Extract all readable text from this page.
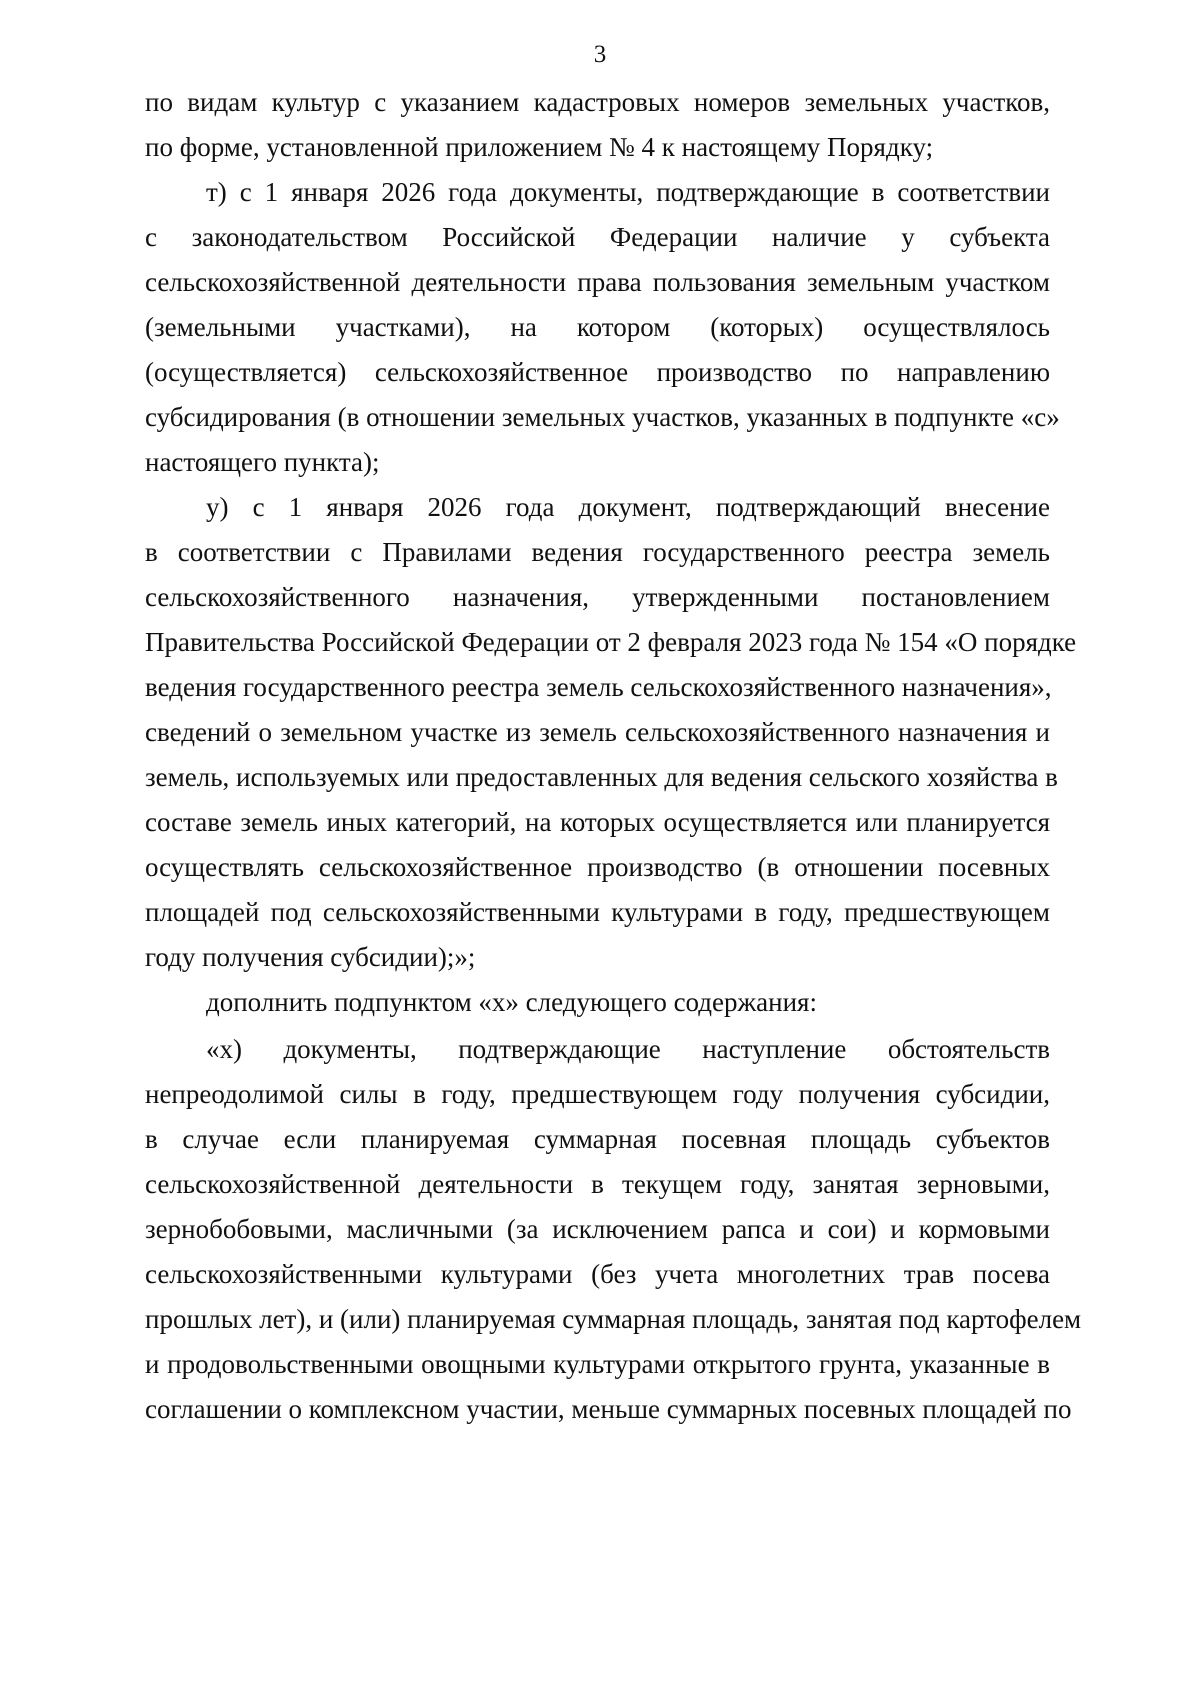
3
по видам культур с указанием кадастровых номеров земельных участков,
по форме, установленной приложением № 4 к настоящему Порядку;
т) с 1 января 2026 года документы, подтверждающие в соответствии
с законодательством Российской Федерации наличие у субъекта
сельскохозяйственной деятельности права пользования земельным участком
(земельными участками), на котором (которых) осуществлялось
(осуществляется) сельскохозяйственное производство по направлению
субсидирования (в отношении земельных участков, указанных в подпункте «с»
настоящего пункта);
у) с 1 января 2026 года документ, подтверждающий внесение
в соответствии с Правилами ведения государственного реестра земель
сельскохозяйственного назначения, утвержденными постановлением
Правительства Российской Федерации от 2 февраля 2023 года № 154 «О порядке
ведения государственного реестра земель сельскохозяйственного назначения»,
сведений о земельном участке из земель сельскохозяйственного назначения и
земель, используемых или предоставленных для ведения сельского хозяйства в
составе земель иных категорий, на которых осуществляется или планируется
осуществлять сельскохозяйственное производство (в отношении посевных
площадей под сельскохозяйственными культурами в году, предшествующем
году получения субсидии);»;
дополнить подпунктом «х» следующего содержания:
«х) документы, подтверждающие наступление обстоятельств
непреодолимой силы в году, предшествующем году получения субсидии,
в случае если планируемая суммарная посевная площадь субъектов
сельскохозяйственной деятельности в текущем году, занятая зерновыми,
зернобобовыми, масличными (за исключением рапса и сои) и кормовыми
сельскохозяйственными культурами (без учета многолетних трав посева
прошлых лет), и (или) планируемая суммарная площадь, занятая под картофелем
и продовольственными овощными культурами открытого грунта, указанные в
соглашении о комплексном участии, меньше суммарных посевных площадей по
